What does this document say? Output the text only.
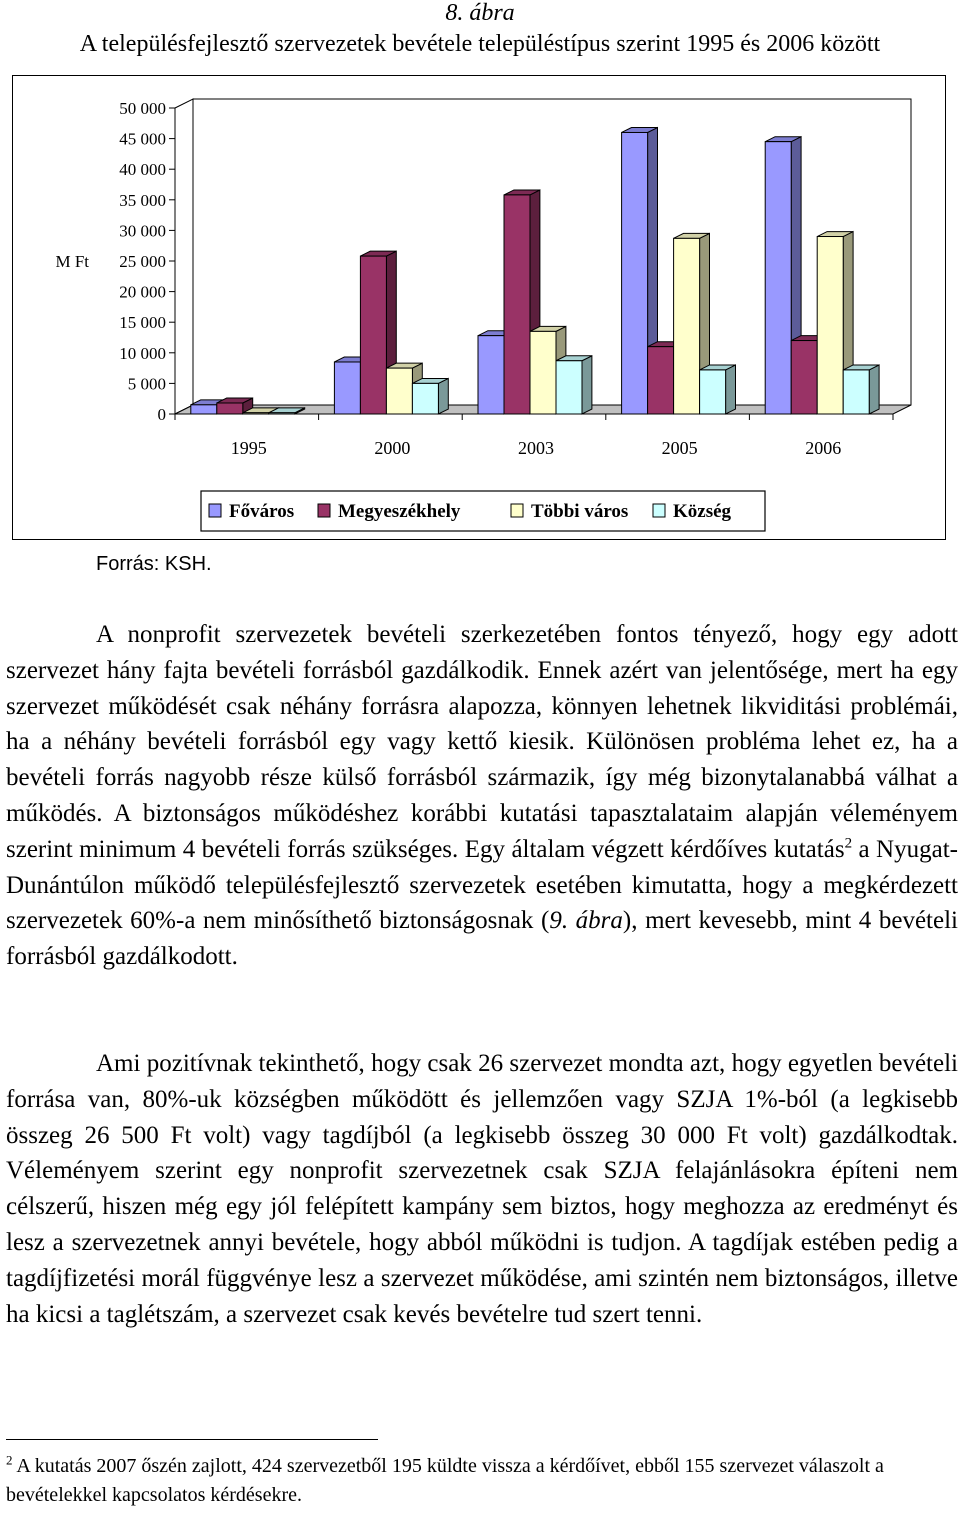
8. ábra
A településfejlesztő szervezetek bevétele településtípus szerint 1995 és 2006 között
50 000
45 000
40 000
35 000
30 000
25 000
20 000
15 000
10 000
5 000
0
M Ft
1995	2000	2003	2005	2006
Főváros Megyeszékhely	Többi város Község
Forrás: KSH.

A nonprofit szervezetek bevételi szerkezetében fontos tényező, hogy egy adott szervezet hány fajta bevételi forrásból gazdálkodik. Ennek azért van jelentősége, mert ha egy szervezet működését csak néhány forrásra alapozza, könnyen lehetnek likviditási problémái, ha a néhány bevételi forrásból egy vagy kettő kiesik. Különösen probléma lehet ez, ha a bevételi forrás nagyobb része külső forrásból származik, így még bizonytalanabbá válhat a működés. A biztonságos működéshez korábbi kutatási tapasztalataim alapján véleményem szerint minimum 4 bevételi forrás szükséges. Egy általam végzett kérdőíves kutatás$^2$ a Nyugat-Dunántúlon működő településfejlesztő szervezetek esetében kimutatta, hogy a megkérdezett szervezetek 60%-a nem minősíthető biztonságosnak (9. ábra), mert kevesebb, mint 4 bevételi forrásból gazdálkodott.

Ami pozitívnak tekinthető, hogy csak 26 szervezet mondta azt, hogy egyetlen bevételi forrása van, 80%-uk községben működött és jellemzően vagy SZJA 1%-ból (a legkisebb összeg 26 500 Ft volt) vagy tagdíjból (a legkisebb összeg 30 000 Ft volt) gazdálkodtak. Véleményem szerint egy nonprofit szervezetnek csak SZJA felajánlásokra építeni nem célszerű, hiszen még egy jól felépített kampány sem biztos, hogy meghozza az eredményt és lesz a szervezetnek annyi bevétele, hogy abból működni is tudjon. A tagdíjak estében pedig a tagdíjfizetési morál függvénye lesz a szervezet működése, ami szintén nem biztonságos, illetve ha kicsi a taglétszám, a szervezet csak kevés bevételre tud szert tenni.

$^2$ A kutatás 2007 őszén zajlott, 424 szervezetből 195 küldte vissza a kérdőívet, ebből 155 szervezet válaszolt a bevételekkel kapcsolatos kérdésekre.
